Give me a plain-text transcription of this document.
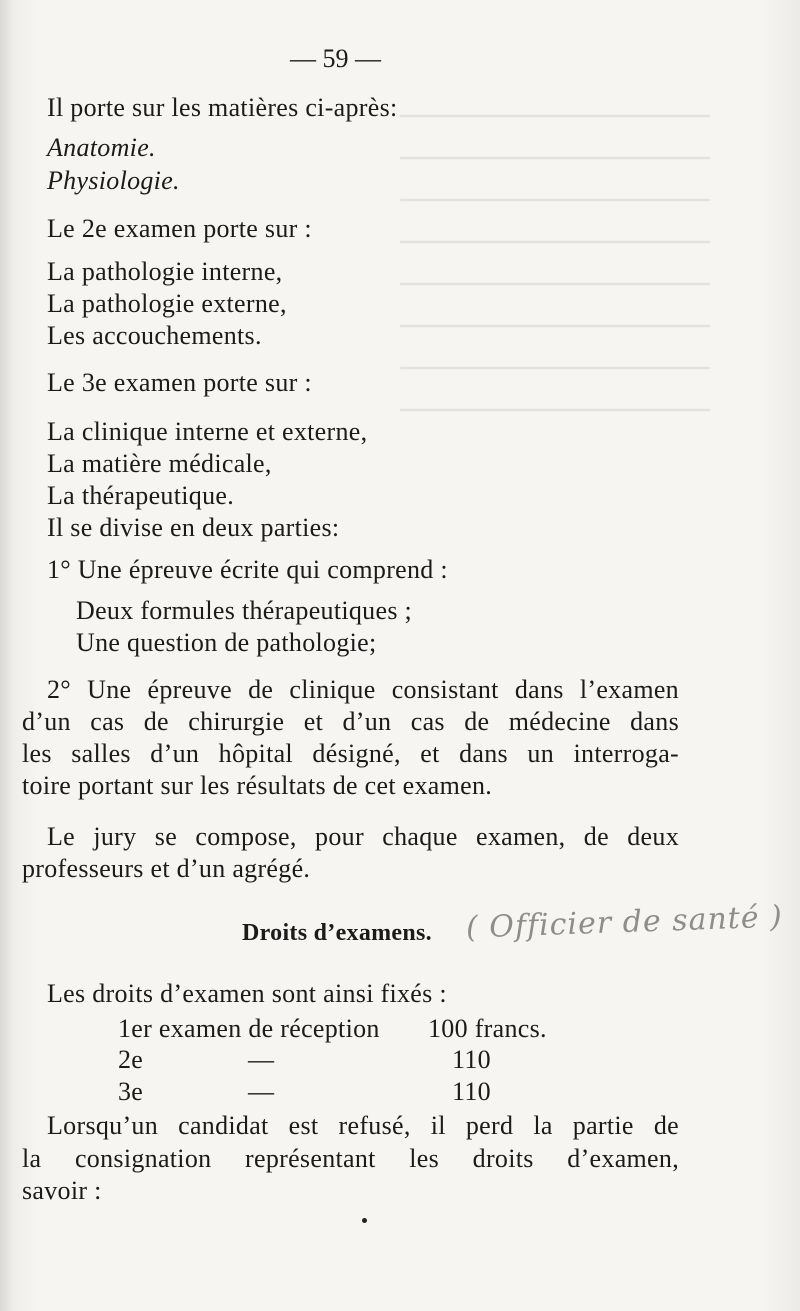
— 59 —
Il porte sur les matières ci-après:
Anatomie.
Physiologie.
Le 2e examen porte sur :
La pathologie interne,
La pathologie externe,
Les accouchements.
Le 3e examen porte sur :
La clinique interne et externe,
La matière médicale,
La thérapeutique.
Il se divise en deux parties:
1° Une épreuve écrite qui comprend :
Deux formules thérapeutiques ;
Une question de pathologie;
2° Une épreuve de clinique consistant dans l’examen
d’un cas de chirurgie et d’un cas de médecine dans
les salles d’un hôpital désigné, et dans un interroga-
toire portant sur les résultats de cet examen.
Le jury se compose, pour chaque examen, de deux
professeurs et d’un agrégé.
Droits d’examens. ( Officier de santé )
Les droits d’examen sont ainsi fixés :
1er examen de réception 100 francs.
2e —	110
3e —	110
Lorsqu’un candidat est refusé, il perd la partie de
la consignation représentant les droits d’examen,
savoir :
